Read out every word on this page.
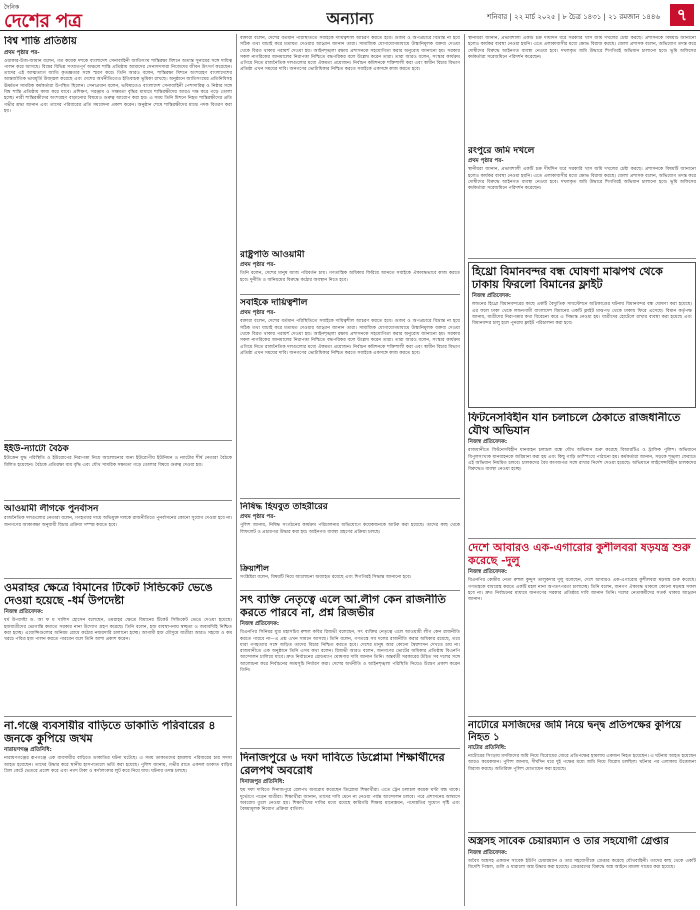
দৈনিক
দেশের পত্র	অন্যান্য	শনিবার | ২২ মার্চ ২০২৫ | ৮ চৈত্র ১৪৩১ | ২১ রমজান ১৪৪৬	৭
বিশ্ব শান্তি প্রতিষ্ঠায়
প্রথম পৃষ্ঠার পর-

ওয়াকার-উজ-জামান বলেন, গত কয়েক দশকে বাংলাদেশ সেনাবাহিনী জাতিসংঘ শান্তিরক্ষা মিশনে অত্যন্ত সুনামের সঙ্গে দায়িত্ব পালন করে আসছে। বিশ্বের বিভিন্ন সংঘাতপূর্ণ অঞ্চলে শান্তি প্রতিষ্ঠায় আমাদের সেনাসদস্যরা নিজেদের জীবন উৎসর্গ করেছেন। তাদের এই আত্মত্যাগ জাতি কৃতজ্ঞতার সঙ্গে স্মরণ করে। তিনি আরও বলেন, শান্তিরক্ষা মিশনে অংশগ্রহণ বাংলাদেশের আন্তর্জাতিক ভাবমূর্তি উজ্জ্বল করেছে এবং দেশের অর্থনীতিতেও ইতিবাচক ভূমিকা রাখছে। অনুষ্ঠানে জাতিসংঘের প্রতিনিধিসহ ঊর্ধ্বতন সামরিক কর্মকর্তারা উপস্থিত ছিলেন। সেনাপ্রধান বলেন, ভবিষ্যতেও বাংলাদেশ সেনাবাহিনী পেশাদারিত্ব ও নিষ্ঠার সঙ্গে বিশ্ব শান্তি প্রতিষ্ঠায় কাজ করে যাবে। প্রশিক্ষণ, সরঞ্জাম ও সক্ষমতা বৃদ্ধির মাধ্যমে শান্তিরক্ষীদের আরও দক্ষ করে গড়ে তোলা হচ্ছে। নারী শান্তিরক্ষীদের অংশগ্রহণ বাড়ানোর বিষয়েও গুরুত্ব আরোপ করা হয়। এ সময় তিনি মিশনে নিহত শান্তিরক্ষীদের প্রতি গভীর শ্রদ্ধা জানান এবং তাদের পরিবারের প্রতি সমবেদনা প্রকাশ করেন। অনুষ্ঠান শেষে শান্তিরক্ষীদের মাঝে পদক বিতরণ করা হয়।

ইইউ-ন্যাটো বৈঠক

ইউক্রেন যুদ্ধ পরিস্থিতি ও ইউরোপের নিরাপত্তা নিয়ে আলোচনার জন্য ইউরোপীয় ইউনিয়ন ও ন্যাটোর শীর্ষ নেতারা বৈঠকে মিলিত হয়েছেন। বৈঠকে প্রতিরক্ষা ব্যয় বৃদ্ধি এবং যৌথ সামরিক সক্ষমতা গড়ে তোলার বিষয়ে গুরুত্ব দেওয়া হয়।

আওয়ামী লীগকে পুনর্বাসন

রাজনৈতিক দলগুলোর নেতারা বলেন, গণহত্যার দায়ে অভিযুক্ত দলকে রাজনীতিতে পুনর্বাসনের কোনো সুযোগ দেওয়া হবে না। জনগণের আকাঙ্ক্ষা অনুযায়ী বিচার প্রক্রিয়া সম্পন্ন করতে হবে।

ওমরাহর ক্ষেত্রে বিমানের টিকেট সিন্ডিকেট ভেঙে দেওয়া হয়েছে -ধর্ম উপদেষ্টা
নিজস্ব প্রতিবেদক:

ধর্ম উপদেষ্টা ড. আ ফ ম খালিদ হোসেন বলেছেন, ওমরাহর ক্ষেত্রে বিমানের টিকেট সিন্ডিকেট ভেঙে দেওয়া হয়েছে। হজযাত্রীদের ভোগান্তি কমাতে সরকার নানা উদ্যোগ গ্রহণ করেছে। তিনি বলেন, হজ ব্যবস্থাপনায় স্বচ্ছতা ও জবাবদিহি নিশ্চিত করা হচ্ছে। এজেন্সিগুলোর অনিয়ম রোধে কঠোর নজরদারি চালানো হচ্ছে। আগামী হজ মৌসুমে যাত্রীরা আরও সহজে ও কম খরচে পবিত্র হজ পালন করতে পারবেন বলে তিনি আশা প্রকাশ করেন।

না.গঞ্জে ব্যবসায়ীর বাড়িতে ডাকাতি পরিবারের ৪ জনকে কুপিয়ে জখম
নারায়ণগঞ্জ প্রতিনিধি:

নারায়ণগঞ্জের রূপগঞ্জে এক ব্যবসায়ীর বাড়িতে ডাকাতির ঘটনা ঘটেছে। এ সময় ডাকাতদের হামলায় পরিবারের চার সদস্য আহত হয়েছেন। তাদের উদ্ধার করে স্থানীয় হাসপাতালে ভর্তি করা হয়েছে। পুলিশ জানায়, গভীর রাতে একদল ডাকাত বাড়ির গ্রিল কেটে ভেতরে প্রবেশ করে এবং নগদ টাকা ও স্বর্ণালংকার লুট করে নিয়ে যায়। ঘটনার তদন্ত চলছে।

বক্তারা বলেন, দেশের বর্তমান পরিস্থিতিতে সবাইকে দায়িত্বশীল আচরণ করতে হবে। গুজব ও অপপ্রচারে বিভ্রান্ত না হয়ে সঠিক তথ্য যাচাই করে মতামত দেওয়ার আহ্বান জানান তারা। সামাজিক যোগাযোগমাধ্যমে উস্কানিমূলক বক্তব্য দেওয়া থেকে বিরত থাকার পরামর্শ দেওয়া হয়। আইনশৃঙ্খলা রক্ষায় প্রশাসনকে সহযোগিতা করার অনুরোধ জানানো হয়। সরকার সকল নাগরিকের জানমালের নিরাপত্তা নিশ্চিতে বদ্ধপরিকর বলে উল্লেখ করেন তারা। তারা আরও বলেন, সংস্কার কার্যক্রম এগিয়ে নিতে রাজনৈতিক দলগুলোর মধ্যে ঐকমত্য প্রয়োজন। নির্বাচন কমিশনকে শক্তিশালী করা এবং স্বাধীন বিচার বিভাগ প্রতিষ্ঠা এখন সময়ের দাবি। জনগণের ভোটাধিকার নিশ্চিত করতে সবাইকে একসঙ্গে কাজ করতে হবে।

রাষ্ট্রপতি আওয়ামী
প্রথম পৃষ্ঠার পর-

তিনি বলেন, দেশের মানুষ আজ পরিবর্তন চায়। গণতান্ত্রিক অধিকার ফিরিয়ে আনতে সবাইকে ঐক্যবদ্ধভাবে কাজ করতে হবে। দুর্নীতি ও অনিয়মের বিরুদ্ধে কঠোর অবস্থান নিতে হবে।

সবাইকে দায়িত্বশীল
প্রথম পৃষ্ঠার পর-

বক্তারা বলেন, দেশের বর্তমান পরিস্থিতিতে সবাইকে দায়িত্বশীল আচরণ করতে হবে। গুজব ও অপপ্রচারে বিভ্রান্ত না হয়ে সঠিক তথ্য যাচাই করে মতামত দেওয়ার আহ্বান জানান তারা। সামাজিক যোগাযোগমাধ্যমে উস্কানিমূলক বক্তব্য দেওয়া থেকে বিরত থাকার পরামর্শ দেওয়া হয়। আইনশৃঙ্খলা রক্ষায় প্রশাসনকে সহযোগিতা করার অনুরোধ জানানো হয়। সরকার সকল নাগরিকের জানমালের নিরাপত্তা নিশ্চিতে বদ্ধপরিকর বলে উল্লেখ করেন তারা। তারা আরও বলেন, সংস্কার কার্যক্রম এগিয়ে নিতে রাজনৈতিক দলগুলোর মধ্যে ঐকমত্য প্রয়োজন। নির্বাচন কমিশনকে শক্তিশালী করা এবং স্বাধীন বিচার বিভাগ প্রতিষ্ঠা এখন সময়ের দাবি। জনগণের ভোটাধিকার নিশ্চিত করতে সবাইকে একসঙ্গে কাজ করতে হবে।

নিষিদ্ধ হিযবুত তাহরীরের
প্রথম পৃষ্ঠার পর-

পুলিশ জানায়, নিষিদ্ধ সংগঠনের কার্যক্রম পরিচালনার অভিযোগে কয়েকজনকে আটক করা হয়েছে। তাদের কাছ থেকে লিফলেট ও প্রচারপত্র উদ্ধার করা হয়। আইনগত ব্যবস্থা গ্রহণের প্রক্রিয়া চলছে।

ক্রিয়াশীল

সংশ্লিষ্টরা বলেন, বিষয়টি নিয়ে আলোচনা অব্যাহত রয়েছে এবং শিগগিরই সিদ্ধান্ত জানানো হবে।

সৎ ব্যক্তি নেতৃত্বে এলে আ.লীগ কেন রাজনীতি করতে পারবে না, প্রশ্ন রিজভীর
নিজস্ব প্রতিবেদক:

বিএনপির সিনিয়র যুগ্ম মহাসচিব রুহুল কবির রিজভী বলেছেন, সৎ ব্যক্তির নেতৃত্বে এলে আওয়ামী লীগ কেন রাজনীতি করতে পারবে না—এ প্রশ্ন এখন সামনে আসছে। তিনি বলেন, গণতন্ত্রে সব দলের রাজনীতি করার অধিকার রয়েছে, তবে যারা গণহত্যার সঙ্গে জড়িত তাদের বিচার নিশ্চিত করতে হবে। দেশের মানুষ আর কোনো স্বৈরশাসন দেখতে চায় না। রাজধানীতে এক অনুষ্ঠানে তিনি এসব কথা বলেন। রিজভী আরও বলেন, জনগণের ভোটের অধিকার প্রতিষ্ঠায় বিএনপি আন্দোলন চালিয়ে যাবে। দ্রুত নির্বাচনের রোডম্যাপ ঘোষণার দাবি জানান তিনি। অন্তর্বর্তী সরকারের উচিত সব দলের সঙ্গে আলোচনা করে নির্বাচনের সময়সূচি নির্ধারণ করা। দেশের অর্থনীতি ও আইনশৃঙ্খলা পরিস্থিতি নিয়েও উদ্বেগ প্রকাশ করেন তিনি।

দিনাজপুরে ৬ দফা দাবিতে ডিপ্লোমা শিক্ষার্থীদের রেলপথ অবরোধ
দিনাজপুর প্রতিনিধি:

ছয় দফা দাবিতে দিনাজপুরে রেলপথ অবরোধ করেছেন ডিপ্লোমা শিক্ষার্থীরা। এতে ট্রেন চলাচল কয়েক ঘণ্টা বন্ধ থাকে। দুর্ভোগে পড়েন যাত্রীরা। শিক্ষার্থীরা জানান, তাদের দাবি মেনে না নেওয়া পর্যন্ত আন্দোলন চলবে। পরে প্রশাসনের আশ্বাসে অবরোধ তুলে নেওয়া হয়। শিক্ষার্থীদের দাবির মধ্যে রয়েছে কারিগরি শিক্ষার মানোন্নয়ন, পদোন্নতির সুযোগ সৃষ্টি এবং বৈষম্যমূলক নিয়োগ প্রক্রিয়া বাতিল।

স্থানীয়রা জানান, প্রভাবশালী একটি চক্র দীর্ঘদিন ধরে সরকারি খাস জমি দখলের চেষ্টা করছে। প্রশাসনকে বিষয়টি জানানো হলেও কার্যকর ব্যবস্থা নেওয়া হয়নি। এতে এলাকাবাসীর মধ্যে ক্ষোভ বিরাজ করছে। জেলা প্রশাসক বলেন, অভিযোগ তদন্ত করে দোষীদের বিরুদ্ধে আইনগত ব্যবস্থা নেওয়া হবে। দখলকৃত জমি উদ্ধারে শিগগিরই অভিযান চালানো হবে। ভূমি অফিসের কর্মকর্তারা সরেজমিনে পরিদর্শন করেছেন।

রংপুরে জমি দখলে
প্রথম পৃষ্ঠার পর-

স্থানীয়রা জানান, প্রভাবশালী একটি চক্র দীর্ঘদিন ধরে সরকারি খাস জমি দখলের চেষ্টা করছে। প্রশাসনকে বিষয়টি জানানো হলেও কার্যকর ব্যবস্থা নেওয়া হয়নি। এতে এলাকাবাসীর মধ্যে ক্ষোভ বিরাজ করছে। জেলা প্রশাসক বলেন, অভিযোগ তদন্ত করে দোষীদের বিরুদ্ধে আইনগত ব্যবস্থা নেওয়া হবে। দখলকৃত জমি উদ্ধারে শিগগিরই অভিযান চালানো হবে। ভূমি অফিসের কর্মকর্তারা সরেজমিনে পরিদর্শন করেছেন।

হিথ্রো বিমানবন্দর বন্ধ ঘোষণা মাঝপথ থেকে ঢাকায় ফিরলো বিমানের ফ্লাইট
নিজস্ব প্রতিবেদক:

লন্ডনের হিথ্রো বিমানবন্দরের কাছে একটি বৈদ্যুতিক সাবস্টেশনে অগ্নিকাণ্ডের ঘটনায় বিমানবন্দর বন্ধ ঘোষণা করা হয়েছে। এর ফলে ঢাকা থেকে লন্ডনগামী বাংলাদেশ বিমানের একটি ফ্লাইট মাঝপথ থেকে ঢাকায় ফিরে এসেছে। বিমান কর্তৃপক্ষ জানায়, যাত্রীদের নিরাপত্তার কথা বিবেচনা করে এ সিদ্ধান্ত নেওয়া হয়। যাত্রীদের হোটেলে রাখার ব্যবস্থা করা হয়েছে এবং বিমানবন্দর চালু হলে পুনরায় ফ্লাইট পরিচালনা করা হবে।

ফিটনেসবিহীন যান চলাচলে ঠেকাতে রাজধানীতে যৌথ অভিযান
নিজস্ব প্রতিবেদক:

রাজধানীতে ফিটনেসবিহীন যানবাহন চলাচল বন্ধে যৌথ অভিযান শুরু করেছে বিআরটিএ ও ট্রাফিক পুলিশ। অভিযানে বিপুলসংখ্যক যানবাহনকে জরিমানা করা হয় এবং কিছু গাড়ি ডাম্পিংয়ে পাঠানো হয়। কর্মকর্তারা জানান, সড়কে শৃঙ্খলা ফেরাতে এই অভিযান নিয়মিত চলবে। চালকদের বৈধ কাগজপত্র সঙ্গে রাখার নির্দেশ দেওয়া হয়েছে। অভিযানে লাইসেন্সবিহীন চালকদের বিরুদ্ধেও ব্যবস্থা নেওয়া হচ্ছে।

দেশে আবারও এক-এগারোর কুশীলবরা ষড়যন্ত্র শুরু করেছে -দুলু
নিজস্ব প্রতিবেদক:

বিএনপির কেন্দ্রীয় নেতা রুহুল কুদ্দুস তালুকদার দুলু বলেছেন, দেশে আবারও এক-এগারোর কুশীলবরা ষড়যন্ত্র শুরু করেছে। গণতন্ত্রকে বাধাগ্রস্ত করতে একটি মহল নানা অপতৎপরতা চালাচ্ছে। তিনি বলেন, জনগণ ঐক্যবদ্ধ থাকলে কোনো ষড়যন্ত্র সফল হবে না। দ্রুত নির্বাচনের মাধ্যমে জনগণের সরকার প্রতিষ্ঠার দাবি জানান তিনি। দলের নেতাকর্মীদের সতর্ক থাকার আহ্বান জানান।

নাটোরে মসজিদের জমি নিয়ে দ্বন্দ্ব প্রতিপক্ষের কুপিয়ে নিহত ১
নাটোর প্রতিনিধি:

নাটোরের সিংড়ায় মসজিদের জমি নিয়ে বিরোধের জেরে প্রতিপক্ষের হামলায় একজন নিহত হয়েছেন। এ ঘটনায় আহত হয়েছেন আরও কয়েকজন। পুলিশ জানায়, দীর্ঘদিন ধরে দুই পক্ষের মধ্যে জমি নিয়ে বিরোধ চলছিল। ঘটনার পর এলাকায় উত্তেজনা বিরাজ করছে। অতিরিক্ত পুলিশ মোতায়েন করা হয়েছে।

অস্ত্রসহ সাবেক চেয়ারম্যান ও তার সহযোগী গ্রেপ্তার
নিজস্ব প্রতিবেদক:

অবৈধ অস্ত্রসহ একজন সাবেক ইউপি চেয়ারম্যান ও তার সহযোগীকে গ্রেপ্তার করেছে যৌথবাহিনী। তাদের কাছ থেকে একটি বিদেশি পিস্তল, গুলি ও ধারালো অস্ত্র উদ্ধার করা হয়েছে। গ্রেপ্তারদের বিরুদ্ধে অস্ত্র আইনে মামলা দায়ের করা হয়েছে।
